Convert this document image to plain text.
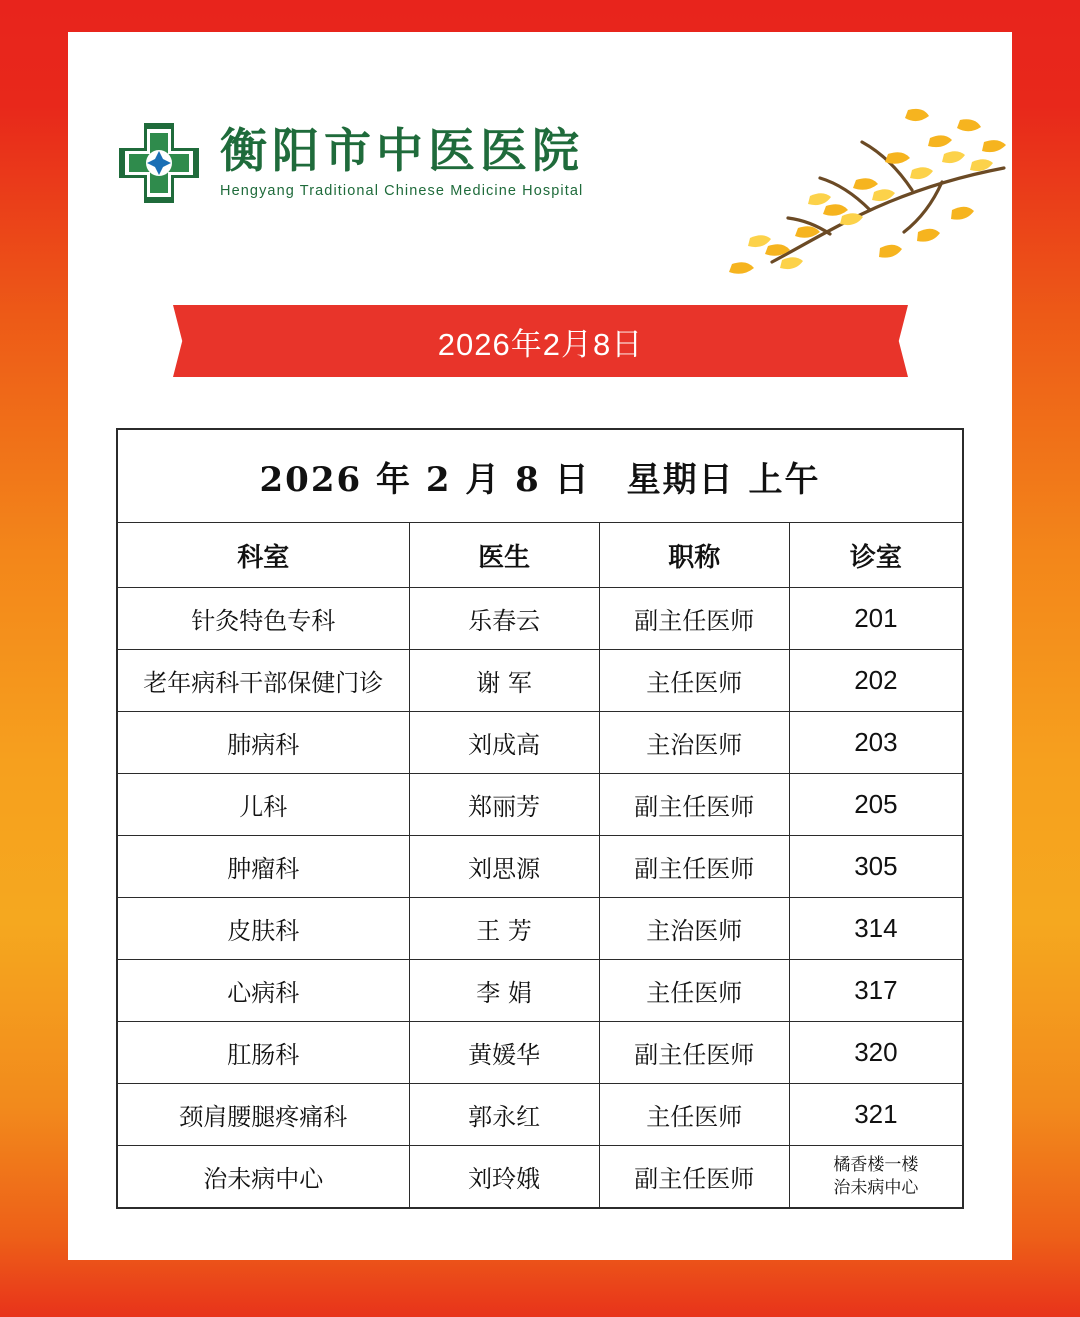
衡阳市中医医院
Hengyang Traditional Chinese Medicine Hospital
2026年2月8日
2026 年 2 月 8 日　星期日 上午			
科室	医生	职称	诊室
针灸特色专科	乐春云	副主任医师	201
老年病科干部保健门诊	谢 军	主任医师	202
肺病科	刘成高	主治医师	203
儿科	郑丽芳	副主任医师	205
肿瘤科	刘思源	副主任医师	305
皮肤科	王 芳	主治医师	314
心病科	李 娟	主任医师	317
肛肠科	黄媛华	副主任医师	320
颈肩腰腿疼痛科	郭永红	主任医师	321
治未病中心	刘玲娥	副主任医师	橘香楼一楼
治未病中心
